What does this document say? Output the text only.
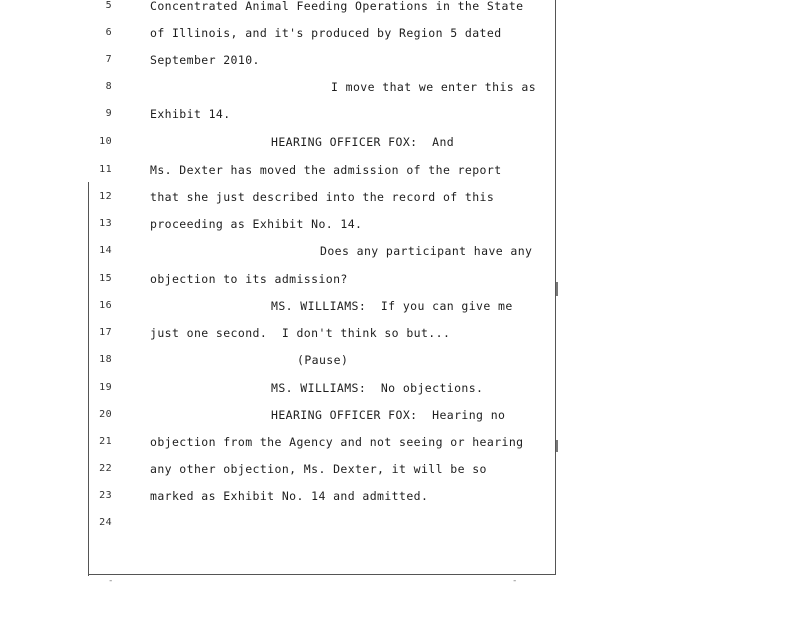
5	Concentrated Animal Feeding Operations in the State
6	of Illinois, and it's produced by Region 5 dated
7	September 2010.
8	I move that we enter this as
9	Exhibit 14.
10	HEARING OFFICER FOX:  And
11	Ms. Dexter has moved the admission of the report
12	that she just described into the record of this
13	proceeding as Exhibit No. 14.
14	Does any participant have any
15	objection to its admission?
16	MS. WILLIAMS:  If you can give me
17	just one second.  I don't think so but...
18	(Pause)
19	MS. WILLIAMS:  No objections.
20	HEARING OFFICER FOX:  Hearing no
21	objection from the Agency and not seeing or hearing
22	any other objection, Ms. Dexter, it will be so
23	marked as Exhibit No. 14 and admitted.
24
-	-
